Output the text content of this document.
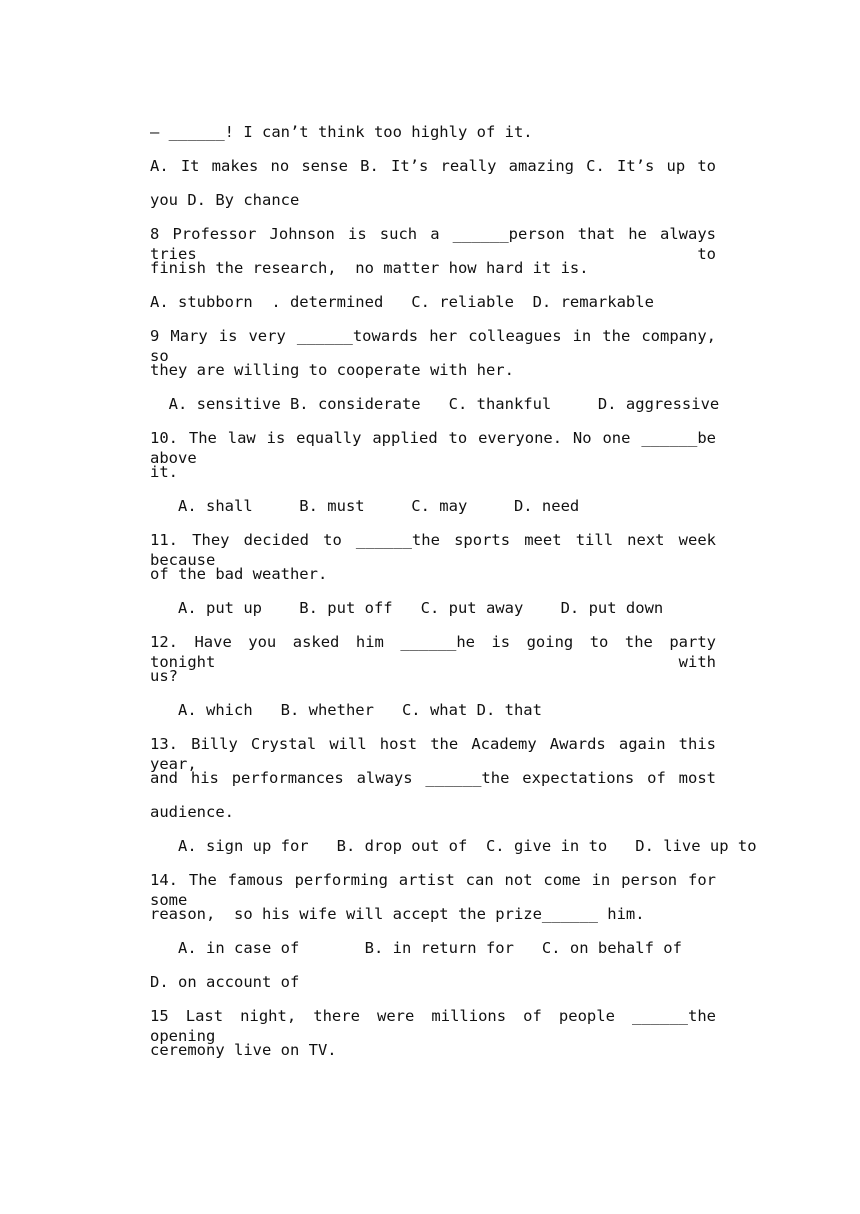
— ______! I can’t think too highly of it.

A. It makes no sense B. It’s really amazing C. It’s up to

you D. By chance

8 Professor Johnson is such a ______person that he always tries to

finish the research,  no matter how hard it is.

A. stubborn  . determined   C. reliable  D. remarkable

9 Mary is very ______towards her colleagues in the company, so

they are willing to cooperate with her.

A. sensitive B. considerate   C. thankful     D. aggressive

10. The law is equally applied to everyone. No one ______be above

it.

A. shall     B. must     C. may     D. need

11. They decided to ______the sports meet till next week because

of the bad weather.

A. put up    B. put off   C. put away    D. put down

12. Have you asked him ______he is going to the party tonight with

us?

A. which   B. whether   C. what D. that

13. Billy Crystal will host the Academy Awards again this year,

and his performances always ______the expectations of most

audience.

A. sign up for   B. drop out of  C. give in to   D. live up to

14. The famous performing artist can not come in person for some

reason,  so his wife will accept the prize______ him.

A. in case of       B. in return for   C. on behalf of

D. on account of

15 Last night, there were millions of people ______the opening

ceremony live on TV.
